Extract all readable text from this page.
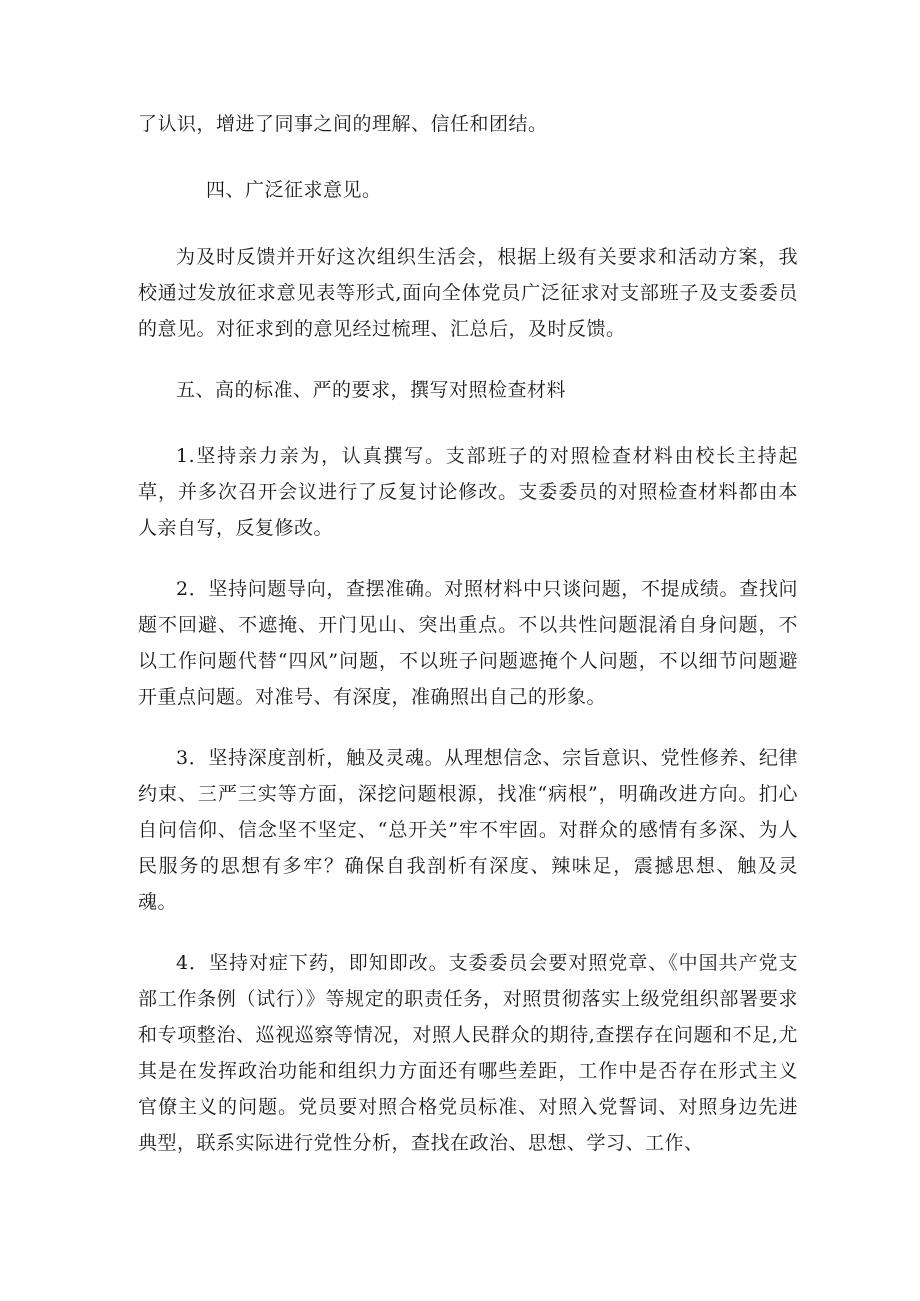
了认识，增进了同事之间的理解、信任和团结。

四、广泛征求意见。

为及时反馈并开好这次组织生活会，根据上级有关要求和活动方案，我校通过发放征求意见表等形式,面向全体党员广泛征求对支部班子及支委委员的意见。对征求到的意见经过梳理、汇总后，及时反馈。

五、高的标准、严的要求，撰写对照检查材料

1.坚持亲力亲为，认真撰写。支部班子的对照检查材料由校长主持起草，并多次召开会议进行了反复讨论修改。支委委员的对照检查材料都由本人亲自写，反复修改。

2．坚持问题导向，查摆准确。对照材料中只谈问题，不提成绩。查找问题不回避、不遮掩、开门见山、突出重点。不以共性问题混淆自身问题，不以工作问题代替“四风”问题，不以班子问题遮掩个人问题，不以细节问题避开重点问题。对准号、有深度，准确照出自己的形象。

3．坚持深度剖析，触及灵魂。从理想信念、宗旨意识、党性修养、纪律约束、三严三实等方面，深挖问题根源，找准“病根”，明确改进方向。扪心自问信仰、信念坚不坚定、“总开关”牢不牢固。对群众的感情有多深、为人民服务的思想有多牢？确保自我剖析有深度、辣味足，震撼思想、触及灵魂。

4．坚持对症下药，即知即改。支委委员会要对照党章、《中国共产党支部工作条例（试行）》等规定的职责任务，对照贯彻落实上级党组织部署要求和专项整治、巡视巡察等情况，对照人民群众的期待,查摆存在问题和不足,尤其是在发挥政治功能和组织力方面还有哪些差距，工作中是否存在形式主义官僚主义的问题。党员要对照合格党员标准、对照入党誓词、对照身边先进典型，联系实际进行党性分析，查找在政治、思想、学习、工作、
